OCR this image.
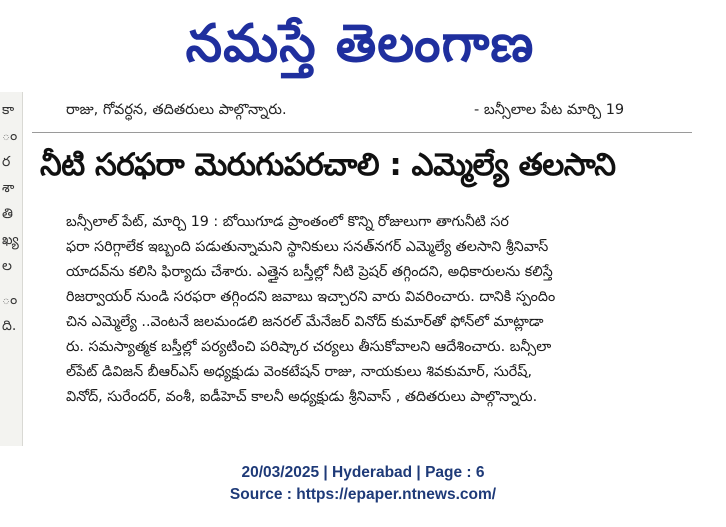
నమస్తే తెలంగాణ
కా
ం
ర
శా
తి
ఖ్య
ల
ం
ది.
రాజు, గోవర్ధన, తదితరులు పాల్గొన్నారు.	- బన్సీలాల పేట మార్చి 19
నీటి సరఫరా మెరుగుపరచాలి : ఎమ్మెల్యే తలసాని
బన్సీలాల్ పేట్, మార్చి 19 : బోయిగూడ ప్రాంతంలో కొన్ని రోజులుగా తాగునీటి సర
ఫరా సరిగ్గాలేక ఇబ్బంది పడుతున్నామని స్థానికులు సనత్‌నగర్ ఎమ్మెల్యే తలసాని శ్రీనివాస్
యాదవ్‌ను కలిసి ఫిర్యాదు చేశారు. ఎత్తైన బస్తీల్లో నీటి ప్రెషర్ తగ్గిందని, అధికారులను కలిస్తే
రిజర్వాయర్ నుండి సరఫరా తగ్గిందని జవాబు ఇచ్చారని వారు వివరించారు. దానికి స్పందిం
చిన ఎమ్మెల్యే ..వెంటనే జలమండలి జనరల్ మేనేజర్ వినోద్ కుమార్‌తో ఫోన్‌లో మాట్లాడా
రు. సమస్యాత్మక బస్తీల్లో పర్యటించి పరిష్కార చర్యలు తీసుకోవాలని ఆదేశించారు. బన్సీలా
ల్‌పేట్ డివిజన్ బీఆర్‌ఎస్ అధ్యక్షుడు వెంకటేషన్ రాజు, నాయకులు శివకుమార్, సురేష్,
వినోద్, సురేందర్, వంశీ, ఐడీహెచ్ కాలనీ అధ్యక్షుడు శ్రీనివాస్ , తదితరులు పాల్గొన్నారు.
20/03/2025 | Hyderabad | Page : 6
Source : https://epaper.ntnews.com/
